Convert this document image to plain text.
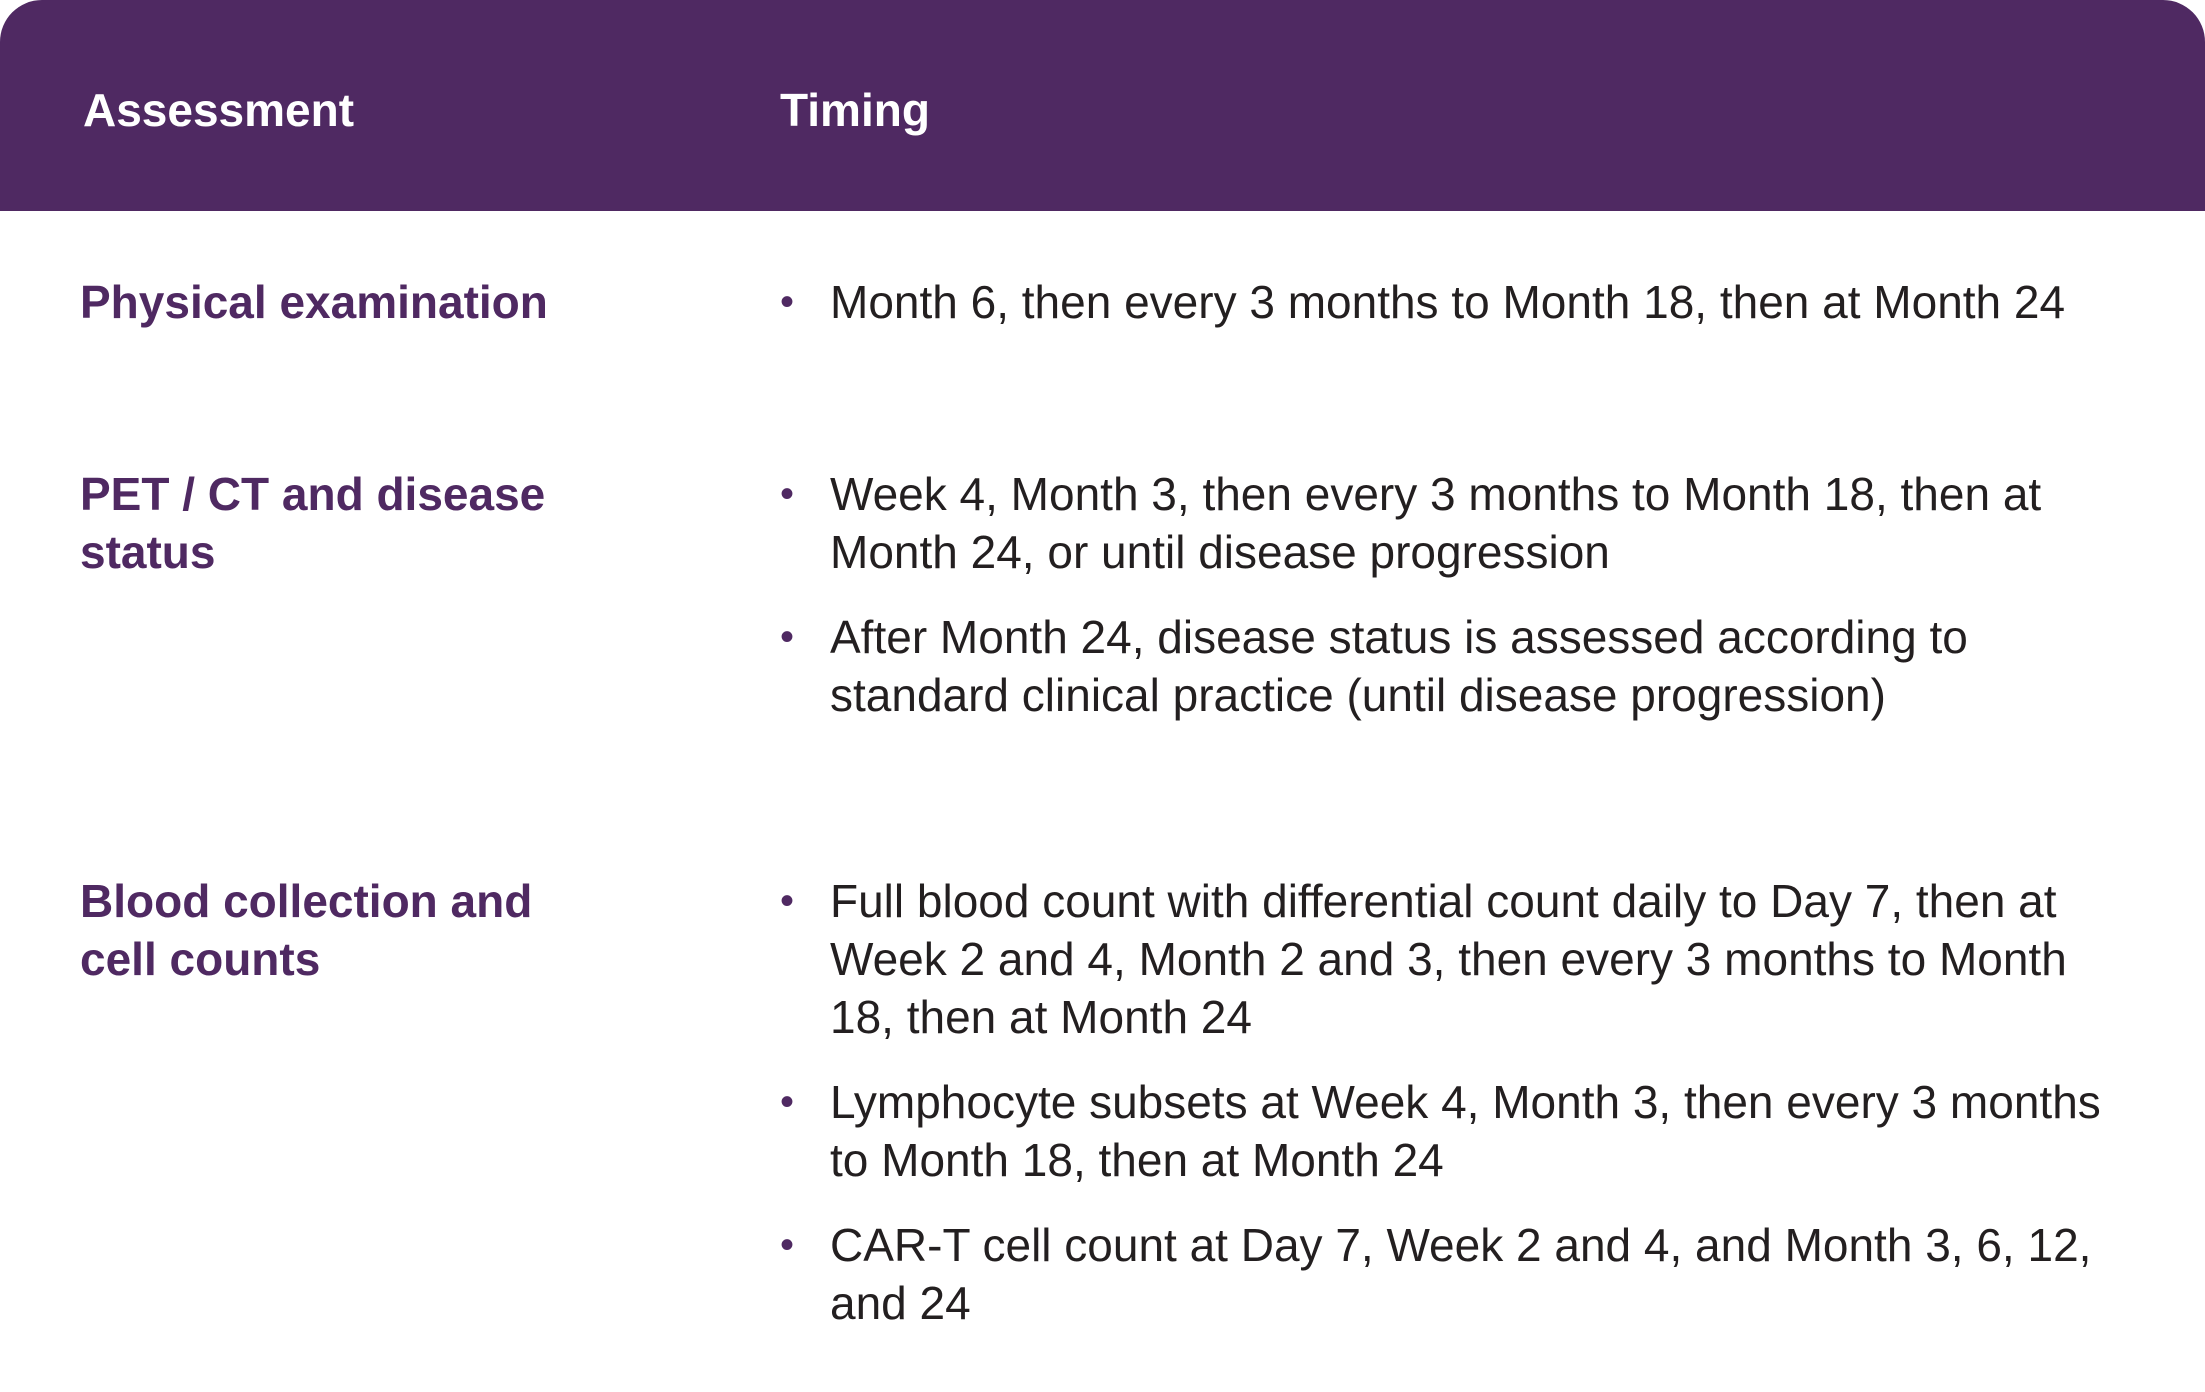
Assessment	Timing
Physical examination	• Month 6, then every 3 months to Month 18, then at Month 24
PET / CT and disease status
• Week 4, Month 3, then every 3 months to Month 18, then at Month 24, or until disease progression
• After Month 24, disease status is assessed according to standard clinical practice (until disease progression)
Blood collection and cell counts
• Full blood count with differential count daily to Day 7, then at Week 2 and 4, Month 2 and 3, then every 3 months to Month 18, then at Month 24
• Lymphocyte subsets at Week 4, Month 3, then every 3 months to Month 18, then at Month 24
• CAR-T cell count at Day 7, Week 2 and 4, and Month 3, 6, 12, and 24
